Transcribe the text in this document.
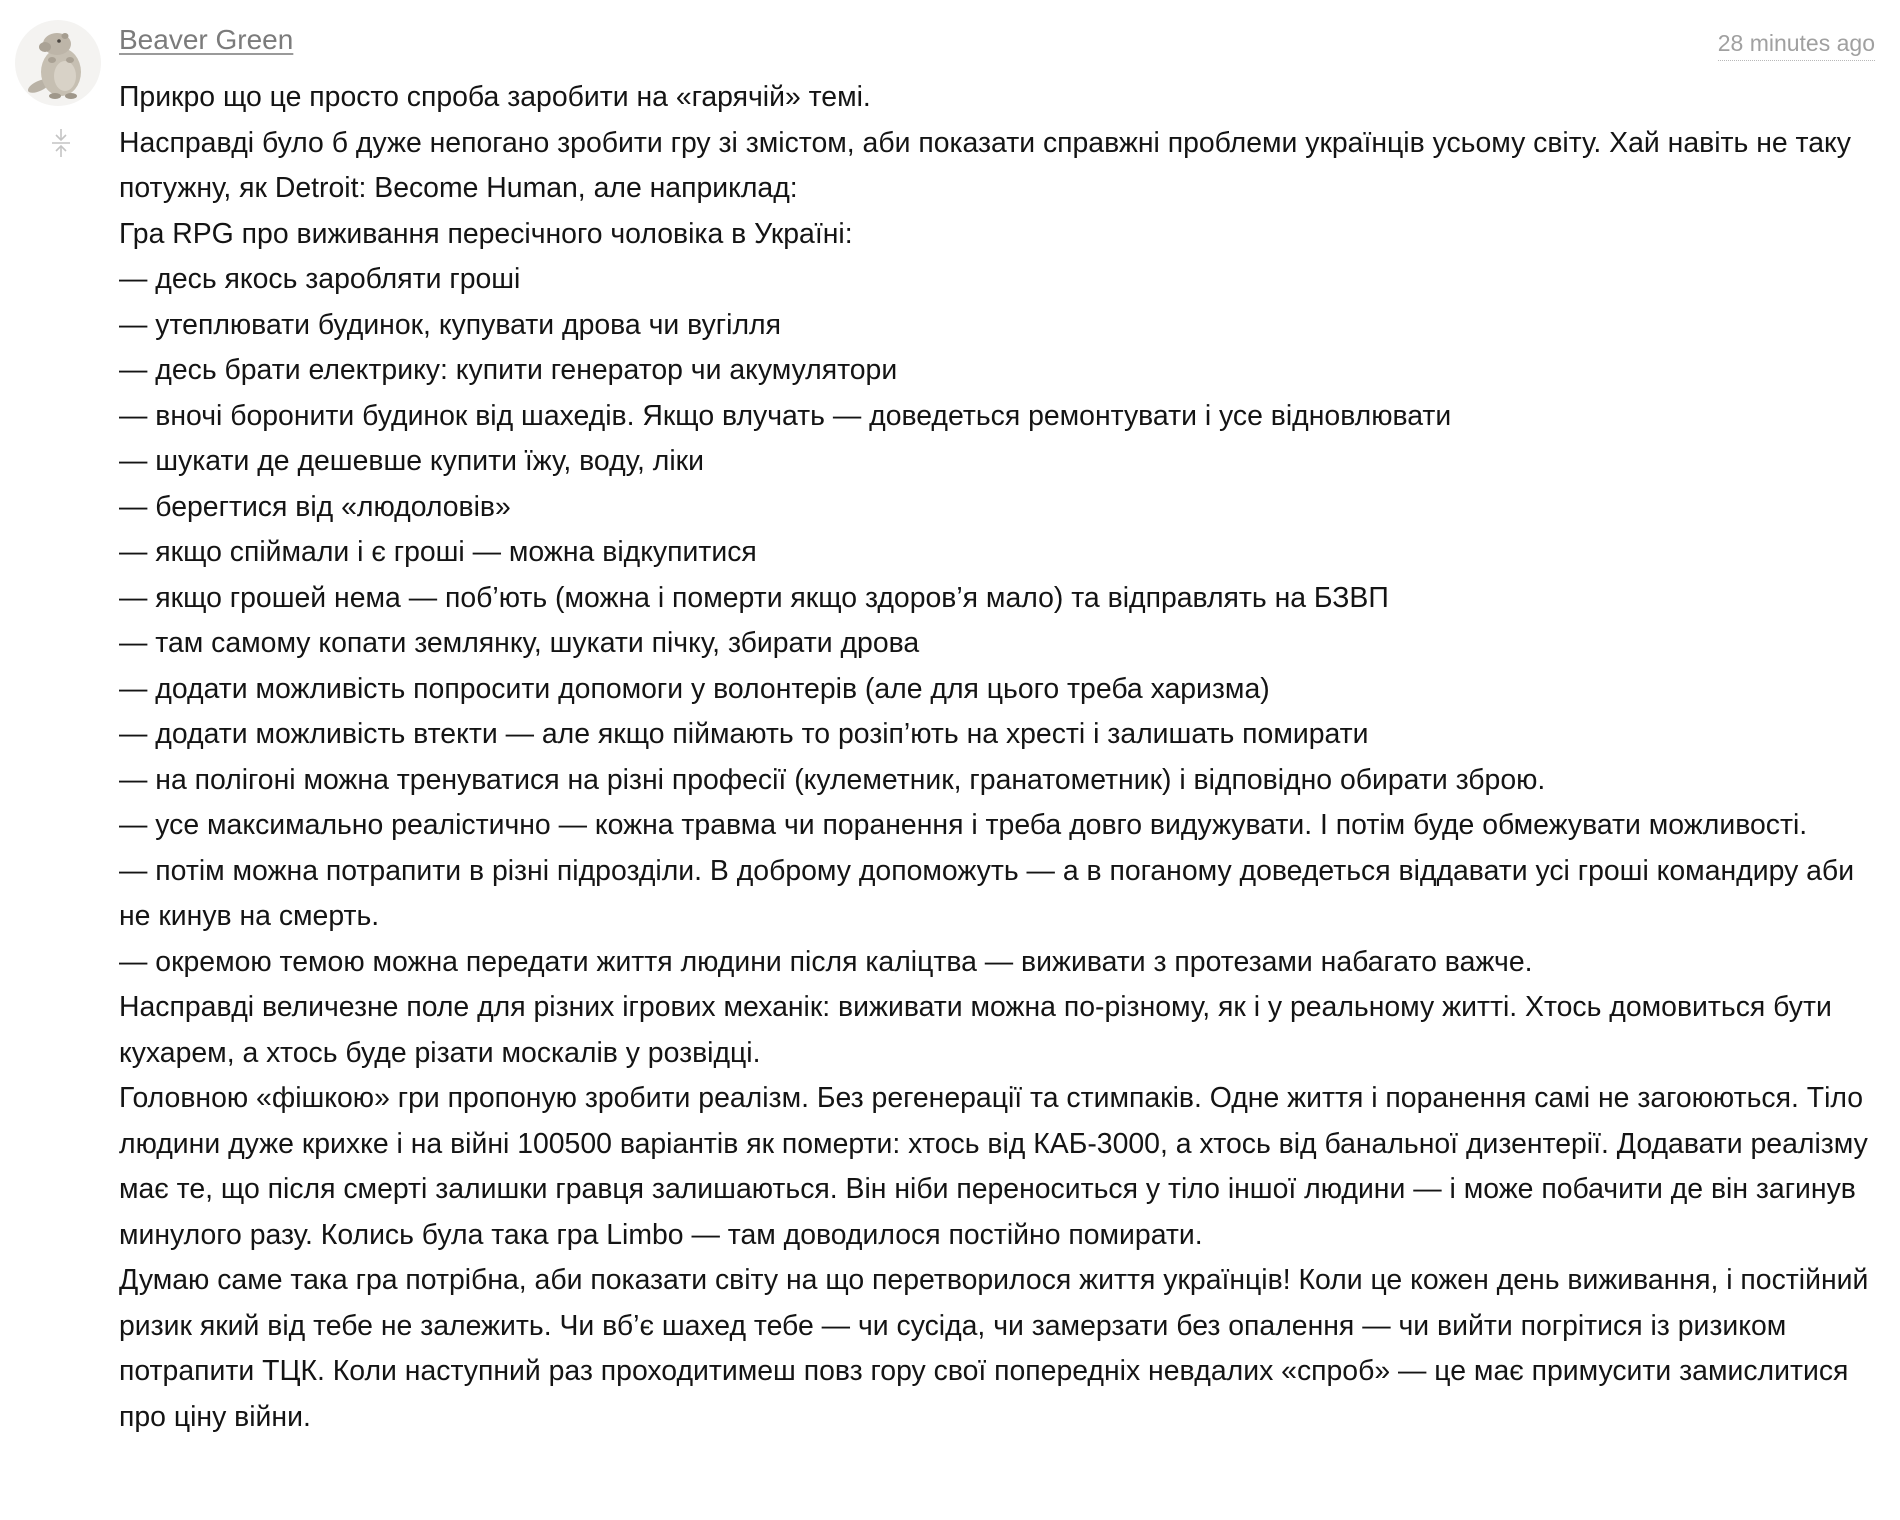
Beaver Green	28 minutes ago

Прикро що це просто спроба заробити на «гарячій» темі.

Насправді було б дуже непогано зробити гру зі змістом, аби показати справжні проблеми українців усьому світу. Хай навіть не таку потужну, як Detroit: Become Human, але наприклад:

Гра RPG про виживання пересічного чоловіка в Україні:

— десь якось заробляти гроші

— утеплювати будинок, купувати дрова чи вугілля

— десь брати електрику: купити генератор чи акумулятори

— вночі боронити будинок від шахедів. Якщо влучать — доведеться ремонтувати і усе відновлювати

— шукати де дешевше купити їжу, воду, ліки

— берегтися від «людоловів»

— якщо спіймали і є гроші — можна відкупитися

— якщо грошей нема — поб’ють (можна і померти якщо здоров’я мало) та відправлять на БЗВП

— там самому копати землянку, шукати пічку, збирати дрова

— додати можливість попросити допомоги у волонтерів (але для цього треба харизма)

— додати можливість втекти — але якщо піймають то розіп’ють на хресті і залишать помирати

— на полігоні можна тренуватися на різні професії (кулеметник, гранатометник) і відповідно обирати зброю.

— усе максимально реалістично — кожна травма чи поранення і треба довго видужувати. І потім буде обмежувати можливості.

— потім можна потрапити в різні підрозділи. В доброму допоможуть — а в поганому доведеться віддавати усі гроші командиру аби не кинув на смерть.

— окремою темою можна передати життя людини після каліцтва — виживати з протезами набагато важче.

Насправді величезне поле для різних ігрових механік: виживати можна по-різному, як і у реальному житті. Хтось домовиться бути кухарем, а хтось буде різати москалів у розвідці.

Головною «фішкою» гри пропоную зробити реалізм. Без регенерації та стимпаків. Одне життя і поранення самі не загоюються. Тіло людини дуже крихке і на війні 100500 варіантів як померти: хтось від КАБ-3000, а хтось від банальної дизентерії. Додавати реалізму має те, що після смерті залишки гравця залишаються. Він ніби переноситься у тіло іншої людини — і може побачити де він загинув минулого разу. Колись була така гра Limbo — там доводилося постійно помирати.

Думаю саме така гра потрібна, аби показати світу на що перетворилося життя українців! Коли це кожен день виживання, і постійний ризик який від тебе не залежить. Чи вб’є шахед тебе — чи сусіда, чи замерзати без опалення — чи вийти погрітися із ризиком потрапити ТЦК. Коли наступний раз проходитимеш повз гору свої попередніх невдалих «спроб» — це має примусити замислитися про ціну війни.
